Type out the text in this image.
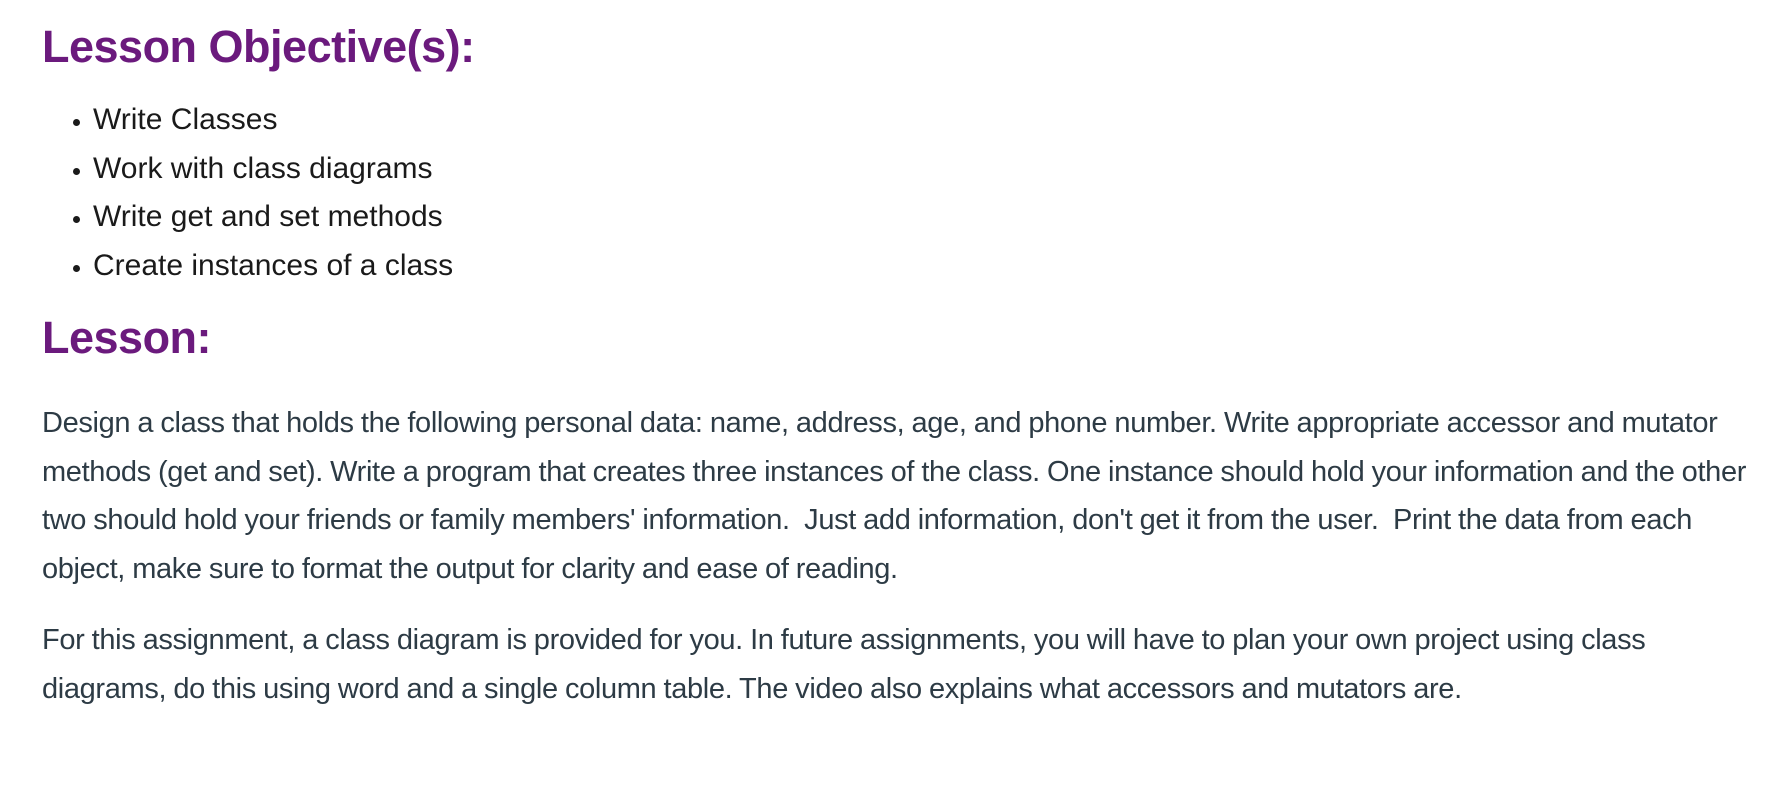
Lesson Objective(s):
• Write Classes
• Work with class diagrams
• Write get and set methods
• Create instances of a class
Lesson:

Design a class that holds the following personal data: name, address, age, and phone number. Write appropriate accessor and mutator methods (get and set). Write a program that creates three instances of the class. One instance should hold your information and the other two should hold your friends or family members' information.  Just add information, don't get it from the user.  Print the data from each object, make sure to format the output for clarity and ease of reading.

For this assignment, a class diagram is provided for you. In future assignments, you will have to plan your own project using class diagrams, do this using word and a single column table. The video also explains what accessors and mutators are.
